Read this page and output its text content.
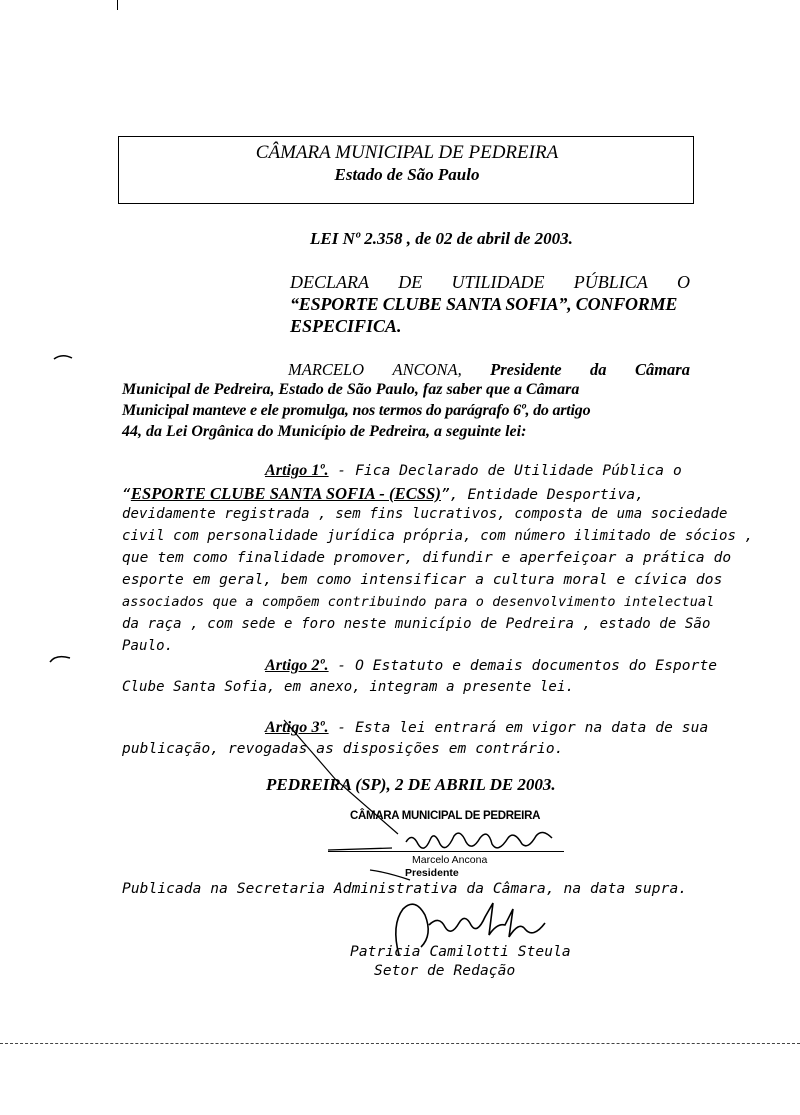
CÂMARA MUNICIPAL DE PEDREIRA
Estado de São Paulo
LEI Nº 2.358 , de 02 de abril de 2003.
DECLARA DE UTILIDADE PÚBLICA O
“ESPORTE CLUBE SANTA SOFIA”, CONFORME
ESPECIFICA.
MARCELO ANCONA, Presidente da Câmara
Municipal de Pedreira, Estado de São Paulo, faz saber que a Câmara
Municipal manteve e ele promulga, nos termos do parágrafo 6º, do artigo
44, da Lei Orgânica do Município de Pedreira, a seguinte lei:
Artigo 1º. - Fica Declarado de Utilidade Pública o
“ESPORTE CLUBE SANTA SOFIA - (ECSS)”, Entidade Desportiva,
devidamente registrada , sem fins lucrativos, composta de uma sociedade
civil com personalidade jurídica própria, com número ilimitado de sócios ,
que tem como finalidade promover, difundir e aperfeiçoar a prática do
esporte em geral, bem como intensificar a cultura moral e cívica dos
associados que a compõem contribuindo para o desenvolvimento intelectual
da raça , com sede e foro neste município de Pedreira , estado de São
Paulo.
Artigo 2º. - O Estatuto e demais documentos do Esporte
Clube Santa Sofia, em anexo, integram a presente lei.
Artigo 3º. - Esta lei entrará em vigor na data de sua
publicação, revogadas as disposições em contrário.
PEDREIRA (SP), 2 DE ABRIL DE 2003.
CÂMARA MUNICIPAL DE PEDREIRA
Marcelo Ancona
Presidente
Publicada na Secretaria Administrativa da Câmara, na data supra.
Patricia Camilotti Steula
Setor de Redação
